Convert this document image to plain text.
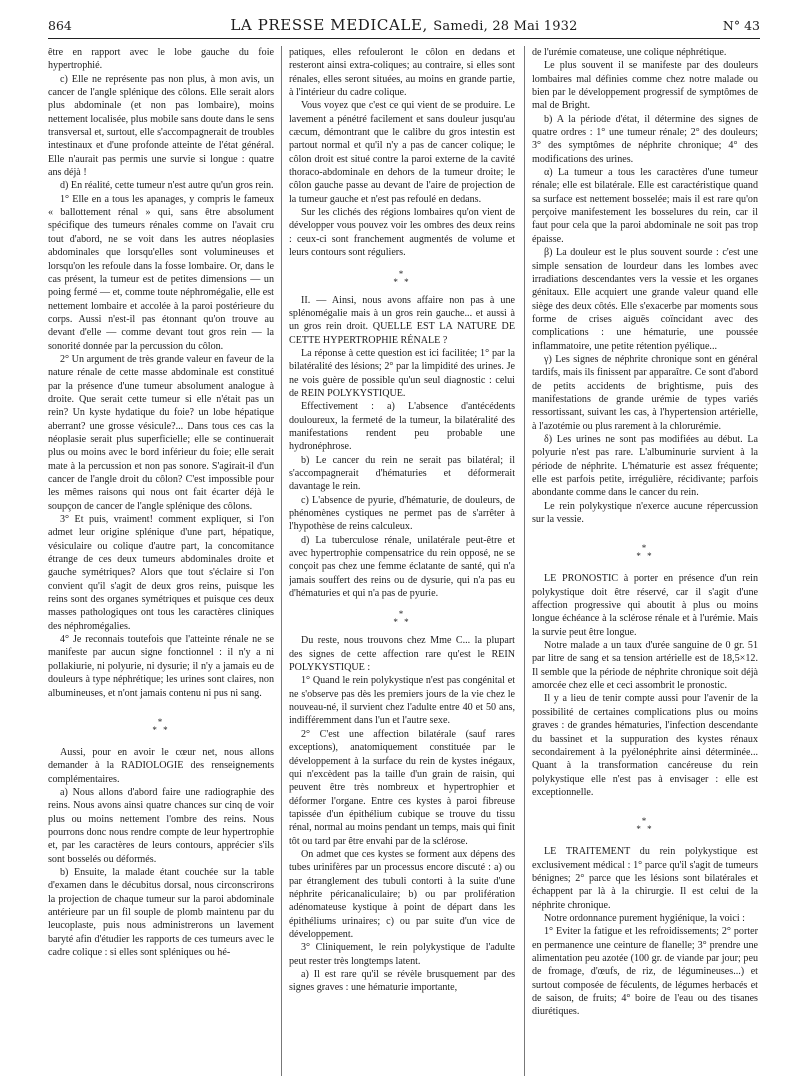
864	LA PRESSE MEDICALE, Samedi, 28 Mai 1932	N° 43

être en rapport avec le lobe gauche du foie hypertrophié.

c) Elle ne représente pas non plus, à mon avis, un cancer de l'angle splénique des côlons. Elle serait alors plus abdominale (et non pas lombaire), moins nettement localisée, plus mobile sans doute dans le sens transversal et, surtout, elle s'accompagnerait de troubles intestinaux et d'une profonde atteinte de l'état général. Elle n'aurait pas permis une survie si longue : quatre ans déjà !

d) En réalité, cette tumeur n'est autre qu'un gros rein.

1° Elle en a tous les apanages, y compris le fameux « ballottement rénal » qui, sans être absolument spécifique des tumeurs rénales comme on l'avait cru tout d'abord, ne se voit dans les autres néoplasies abdominales que lorsqu'elles sont volumineuses et lorsqu'on les refoule dans la fosse lombaire. Or, dans le cas présent, la tumeur est de petites dimensions — un poing fermé — et, comme toute néphromégalie, elle est nettement lombaire et accolée à la paroi postérieure du corps. Aussi n'est-il pas étonnant qu'on trouve au devant d'elle — comme devant tout gros rein — la sonorité donnée par la percussion du côlon.

2° Un argument de très grande valeur en faveur de la nature rénale de cette masse abdominale est constitué par la présence d'une tumeur absolument analogue à droite. Que serait cette tumeur si elle n'était pas un rein? Un kyste hydatique du foie? un lobe hépatique aberrant? une grosse vésicule?... Dans tous ces cas la néoplasie serait plus superficielle; elle se continuerait plus ou moins avec le bord inférieur du foie; elle serait mate à la percussion et non pas sonore. S'agirait-il d'un cancer de l'angle droit du côlon? C'est impossible pour les mêmes raisons qui nous ont fait écarter déjà le soupçon de cancer de l'angle splénique des côlons.

3° Et puis, vraiment! comment expliquer, si l'on admet leur origine splénique d'une part, hépatique, vésiculaire ou colique d'autre part, la concomitance étrange de ces deux tumeurs abdominales droite et gauche symétriques? Alors que tout s'éclaire si l'on convient qu'il s'agit de deux gros reins, puisque les reins sont des organes symétriques et puisque ces deux masses pathologiques ont tous les caractères cliniques des néphromégalies.

4° Je reconnais toutefois que l'atteinte rénale ne se manifeste par aucun signe fonctionnel : il n'y a ni pollakiurie, ni polyurie, ni dysurie; il n'y a jamais eu de douleurs à type néphrétique; les urines sont claires, non albumineuses, et n'ont jamais contenu ni pus ni sang.

*
* *

Aussi, pour en avoir le cœur net, nous allons demander à la RADIOLOGIE des renseignements complémentaires.

a) Nous allons d'abord faire une radiographie des reins. Nous avons ainsi quatre chances sur cinq de voir plus ou moins nettement l'ombre des reins. Nous pourrons donc nous rendre compte de leur hypertrophie et, par les caractères de leurs contours, apprécier s'ils sont bosselés ou déformés.

b) Ensuite, la malade étant couchée sur la table d'examen dans le décubitus dorsal, nous circonscrirons la projection de chaque tumeur sur la paroi abdominale antérieure par un fil souple de plomb maintenu par du leucoplaste, puis nous administrerons un lavement baryté afin d'étudier les rapports de ces tumeurs avec le cadre colique : si elles sont spléniques ou hé-

patiques, elles refouleront le côlon en dedans et resteront ainsi extra-coliques; au contraire, si elles sont rénales, elles seront situées, au moins en grande partie, à l'intérieur du cadre colique.

Vous voyez que c'est ce qui vient de se produire. Le lavement a pénétré facilement et sans douleur jusqu'au cæcum, démontrant que le calibre du gros intestin est partout normal et qu'il n'y a pas de cancer colique; le côlon droit est situé contre la paroi externe de la cavité thoraco-abdominale en dehors de la tumeur droite; le côlon gauche passe au devant de l'aire de projection de la tumeur gauche et n'est pas refoulé en dedans.

Sur les clichés des régions lombaires qu'on vient de développer vous pouvez voir les ombres des deux reins : ceux-ci sont franchement augmentés de volume et leurs contours sont réguliers.

*
* *

II. — Ainsi, nous avons affaire non pas à une splénomégalie mais à un gros rein gauche... et aussi à un gros rein droit. QUELLE EST LA NATURE DE CETTE HYPERTROPHIE RÉNALE ?

La réponse à cette question est ici facilitée; 1° par la bilatéralité des lésions; 2° par la limpidité des urines. Je ne vois guère de possible qu'un seul diagnostic : celui de REIN POLYKYSTIQUE.

Effectivement : a) L'absence d'antécédents douloureux, la fermeté de la tumeur, la bilatéralité des manifestations rendent peu probable une hydronéphrose.

b) Le cancer du rein ne serait pas bilatéral; il s'accompagnerait d'hématuries et déformerait davantage le rein.

c) L'absence de pyurie, d'hématurie, de douleurs, de phénomènes cystiques ne permet pas de s'arrêter à l'hypothèse de reins calculeux.

d) La tuberculose rénale, unilatérale peut-être et avec hypertrophie compensatrice du rein opposé, ne se conçoit pas chez une femme éclatante de santé, qui n'a jamais souffert des reins ou de dysurie, qui n'a pas eu d'hématuries et qui n'a pas de pyurie.

*
* *

Du reste, nous trouvons chez Mme C... la plupart des signes de cette affection rare qu'est le REIN POLYKYSTIQUE :

1° Quand le rein polykystique n'est pas congénital et ne s'observe pas dès les premiers jours de la vie chez le nouveau-né, il survient chez l'adulte entre 40 et 50 ans, indifféremment dans l'un et l'autre sexe.

2° C'est une affection bilatérale (sauf rares exceptions), anatomiquement constituée par le développement à la surface du rein de kystes inégaux, qui n'excèdent pas la taille d'un grain de raisin, qui peuvent être très nombreux et hypertrophier et déformer l'organe. Entre ces kystes à paroi fibreuse tapissée d'un épithélium cubique se trouve du tissu rénal, normal au moins pendant un temps, mais qui finit tôt ou tard par être envahi par de la sclérose.

On admet que ces kystes se forment aux dépens des tubes urinifères par un processus encore discuté : a) ou par étranglement des tubuli contorti à la suite d'une néphrite péricanaliculaire; b) ou par prolifération adénomateuse kystique à point de départ dans les épithéliums urinaires; c) ou par suite d'un vice de développement.

3° Cliniquement, le rein polykystique de l'adulte peut rester très longtemps latent.

a) Il est rare qu'il se révèle brusquement par des signes graves : une hématurie importante,

de l'urémie comateuse, une colique néphrétique.

Le plus souvent il se manifeste par des douleurs lombaires mal définies comme chez notre malade ou bien par le développement progressif de symptômes de mal de Bright.

b) A la période d'état, il détermine des signes de quatre ordres : 1° une tumeur rénale; 2° des douleurs; 3° des symptômes de néphrite chronique; 4° des modifications des urines.

α) La tumeur a tous les caractères d'une tumeur rénale; elle est bilatérale. Elle est caractéristique quand sa surface est nettement bosselée; mais il est rare qu'on perçoive manifestement les bosselures du rein, car il faut pour cela que la paroi abdominale ne soit pas trop épaisse.

β) La douleur est le plus souvent sourde : c'est une simple sensation de lourdeur dans les lombes avec irradiations descendantes vers la vessie et les organes génitaux. Elle acquiert une grande valeur quand elle siège des deux côtés. Elle s'exacerbe par moments sous forme de crises aiguës coïncidant avec des complications : une hématurie, une poussée inflammatoire, une petite rétention pyélique...

γ) Les signes de néphrite chronique sont en général tardifs, mais ils finissent par apparaître. Ce sont d'abord de petits accidents de brightisme, puis des manifestations de grande urémie de types variés ressortissant, suivant les cas, à l'hypertension artérielle, à l'azotémie ou plus rarement à la chlorurémie.

δ) Les urines ne sont pas modifiées au début. La polyurie n'est pas rare. L'albuminurie survient à la période de néphrite. L'hématurie est assez fréquente; elle est parfois petite, irrégulière, récidivante; parfois abondante comme dans le cancer du rein.

Le rein polykystique n'exerce aucune répercussion sur la vessie.

*
* *

LE PRONOSTIC à porter en présence d'un rein polykystique doit être réservé, car il s'agit d'une affection progressive qui aboutit à plus ou moins longue échéance à la sclérose rénale et à l'urémie. Mais la survie peut être longue.

Notre malade a un taux d'urée sanguine de 0 gr. 51 par litre de sang et sa tension artérielle est de 18,5×12. Il semble que la période de néphrite chronique soit déjà amorcée chez elle et ceci assombrit le pronostic.

Il y a lieu de tenir compte aussi pour l'avenir de la possibilité de certaines complications plus ou moins graves : de grandes hématuries, l'infection descendante du bassinet et la suppuration des kystes rénaux secondairement à la pyélonéphrite ainsi déterminée... Quant à la transformation cancéreuse du rein polykystique elle n'est pas à envisager : elle est exceptionnelle.

*
* *

LE TRAITEMENT du rein polykystique est exclusivement médical : 1° parce qu'il s'agit de tumeurs bénignes; 2° parce que les lésions sont bilatérales et échappent par là à la chirurgie. Il est celui de la néphrite chronique.

Notre ordonnance purement hygiénique, la voici :

1° Eviter la fatigue et les refroidissements; 2° porter en permanence une ceinture de flanelle; 3° prendre une alimentation peu azotée (100 gr. de viande par jour; peu de fromage, d'œufs, de riz, de légumineuses...) et surtout composée de féculents, de légumes herbacés et de saison, de fruits; 4° boire de l'eau ou des tisanes diurétiques.
